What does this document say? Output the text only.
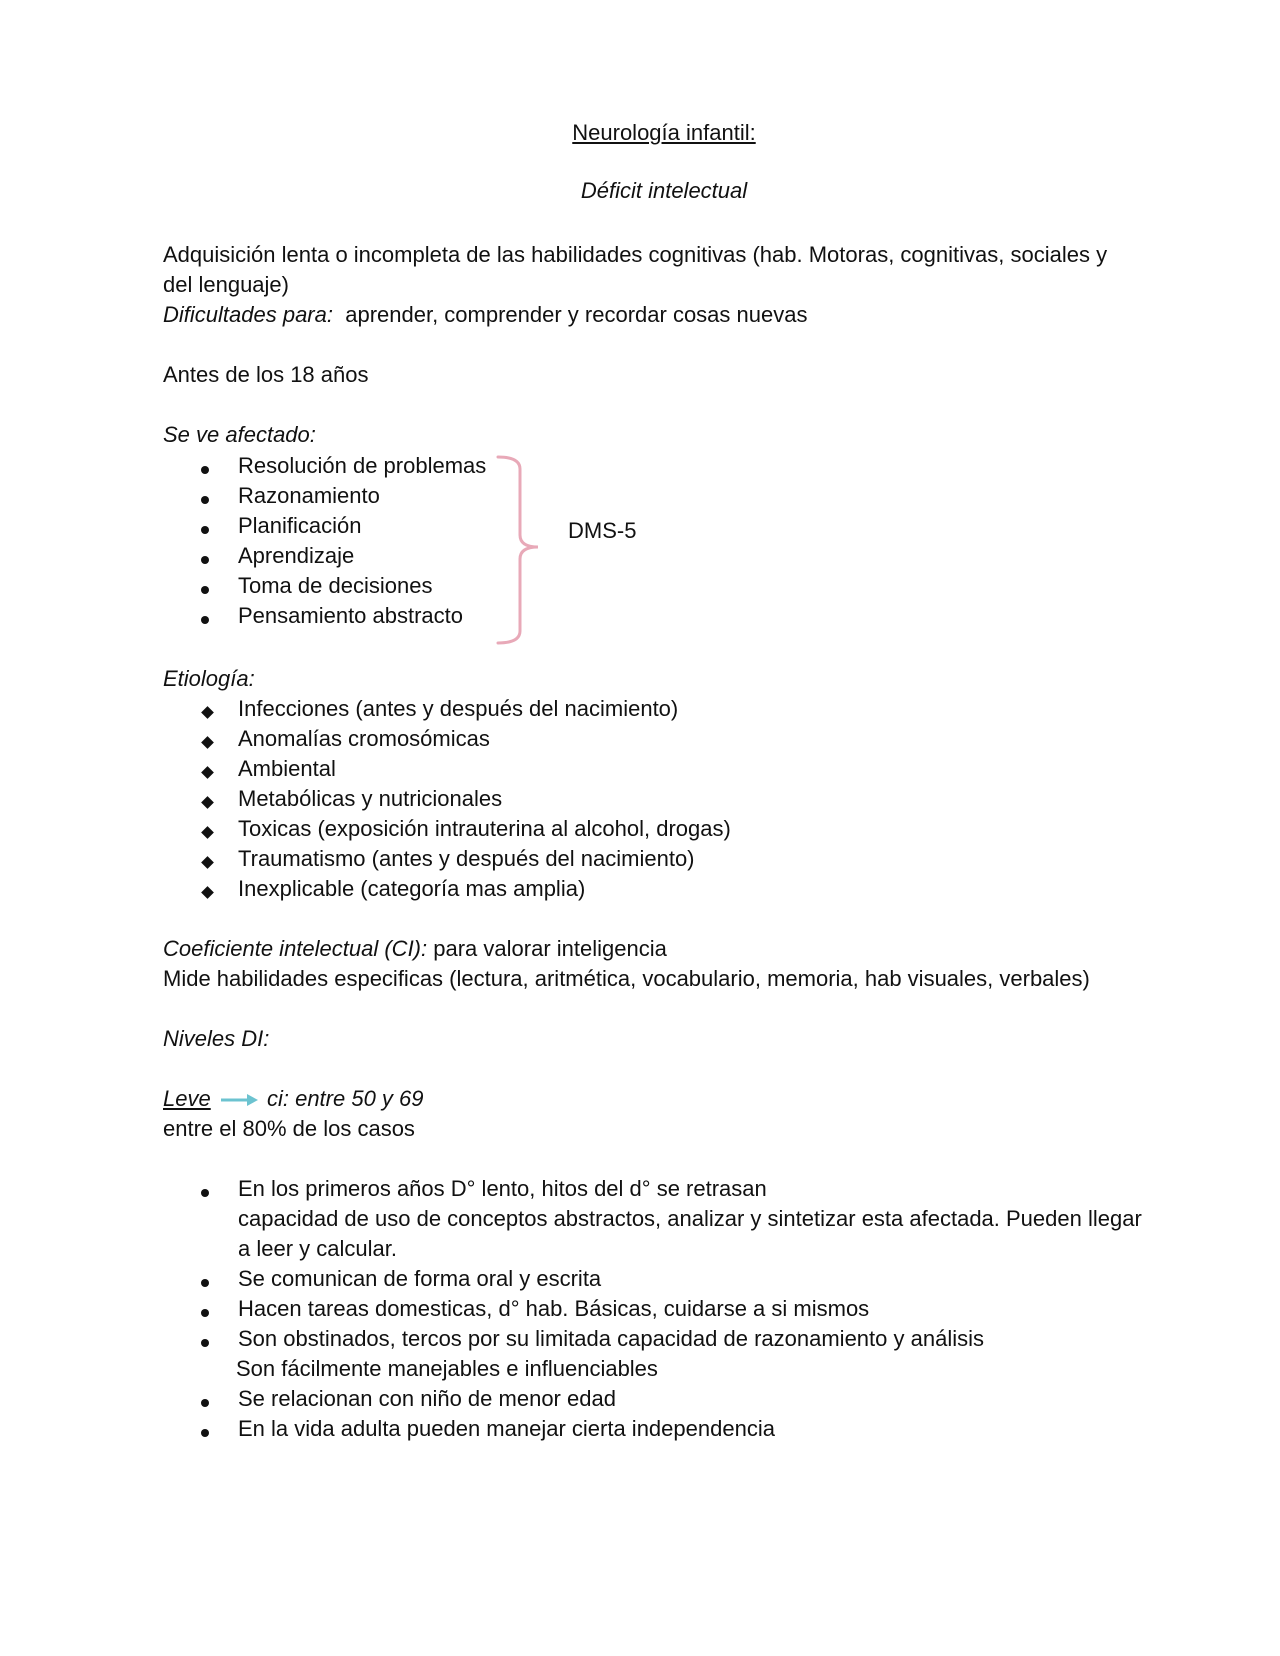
Neurología infantil:
Déficit intelectual
Adquisición lenta o incompleta de las habilidades cognitivas (hab. Motoras, cognitivas, sociales y
del lenguaje)
Dificultades para: aprender, comprender y recordar cosas nuevas
Antes de los 18 años
Se ve afectado:
Resolución de problemas
Razonamiento
Planificación
Aprendizaje
Toma de decisiones
Pensamiento abstracto
DMS-5
Etiología:
Infecciones (antes y después del nacimiento)
Anomalías cromosómicas
Ambiental
Metabólicas y nutricionales
Toxicas (exposición intrauterina al alcohol, drogas)
Traumatismo (antes y después del nacimiento)
Inexplicable (categoría mas amplia)
Coeficiente intelectual (CI): para valorar inteligencia
Mide habilidades especificas (lectura, aritmética, vocabulario, memoria, hab visuales, verbales)
Niveles DI:
Leve	ci: entre 50 y 69
entre el 80% de los casos
En los primeros años D° lento, hitos del d° se retrasan
capacidad de uso de conceptos abstractos, analizar y sintetizar esta afectada. Pueden llegar
a leer y calcular.
Se comunican de forma oral y escrita
Hacen tareas domesticas, d° hab. Básicas, cuidarse a si mismos
Son obstinados, tercos por su limitada capacidad de razonamiento y análisis
Son fácilmente manejables e influenciables
Se relacionan con niño de menor edad
En la vida adulta pueden manejar cierta independencia
